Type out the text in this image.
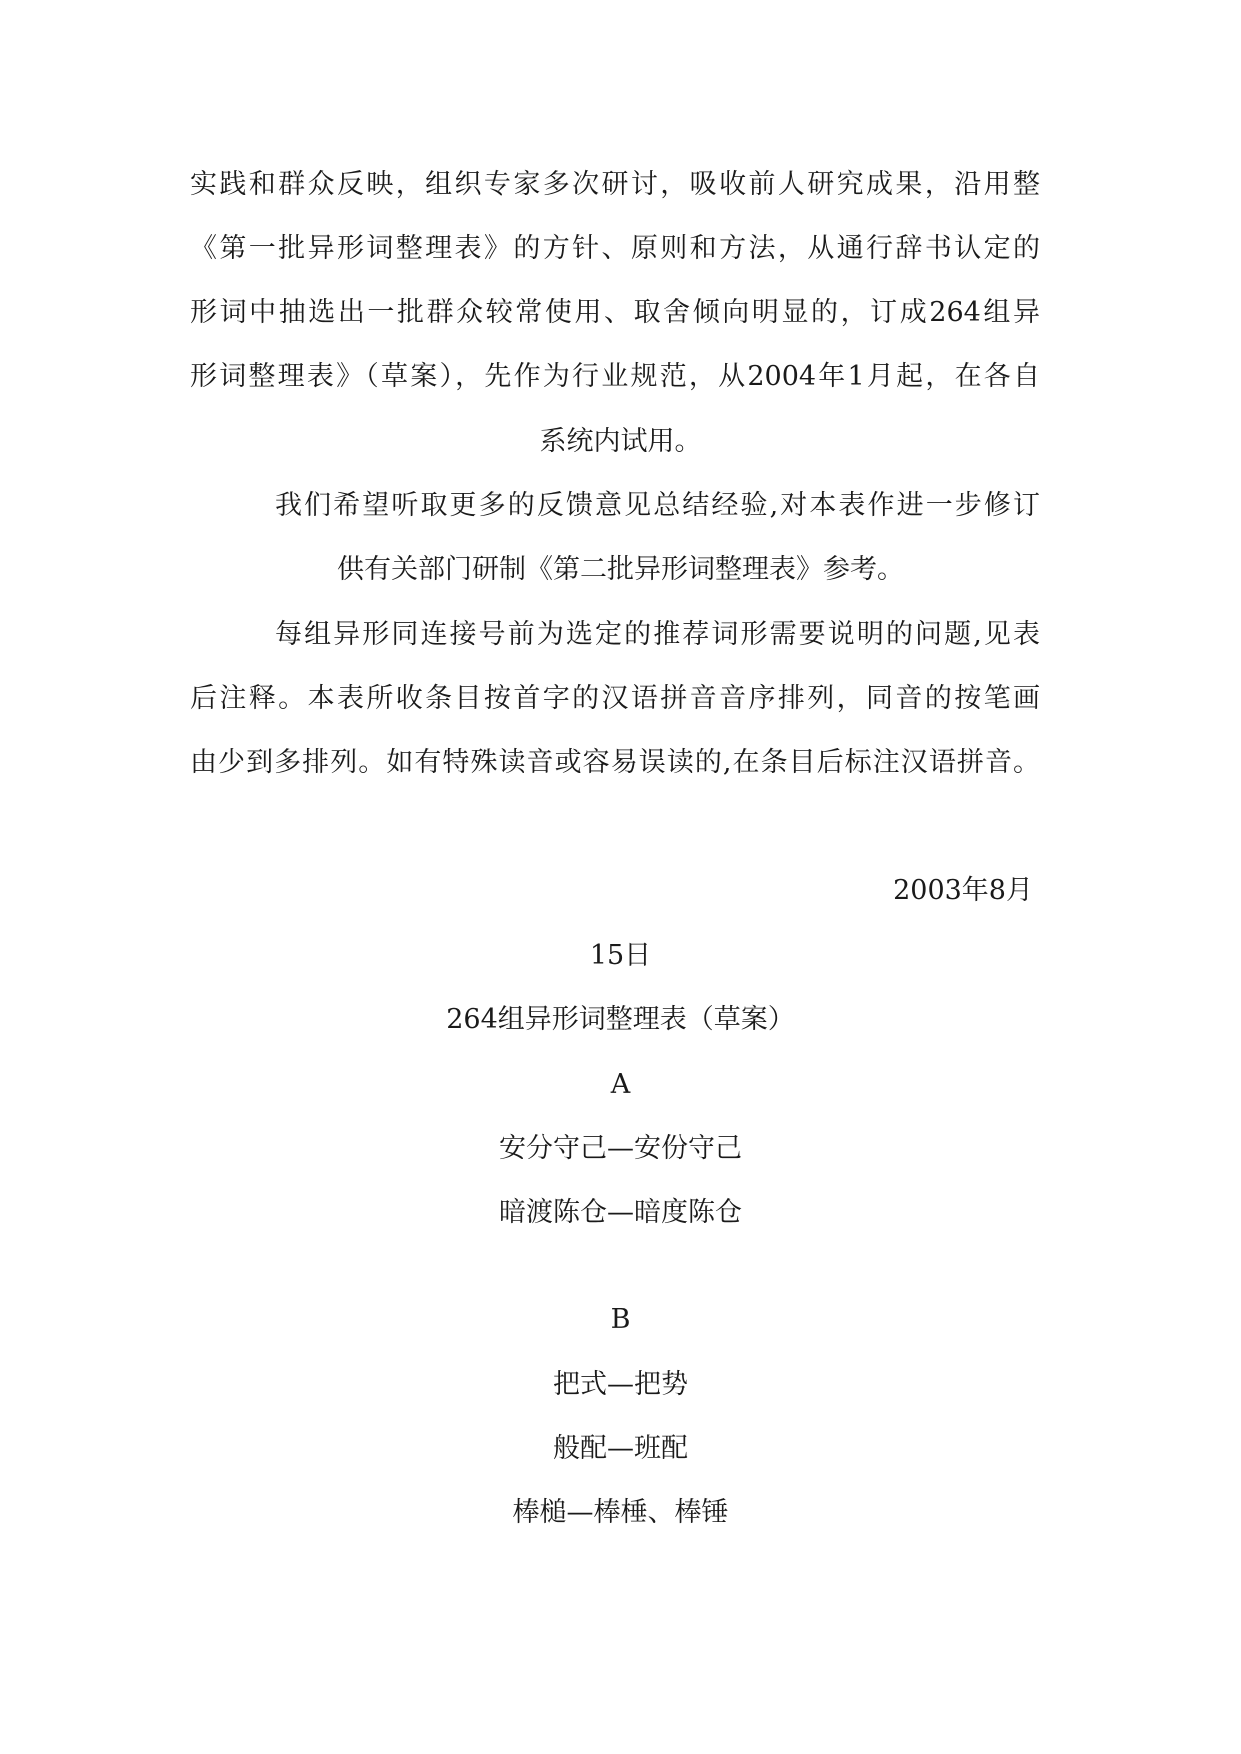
实践和群众反映，组织专家多次研讨，吸收前人研究成果，沿用整

《第一批异形词整理表》的方针、原则和方法，从通行辞书认定的

形词中抽选出一批群众较常使用、取舍倾向明显的，订成264组异

形词整理表》（草案），先作为行业规范，从2004年1月起，在各自

系统内试用。

我们希望听取更多的反馈意见总结经验,对本表作进一步修订

供有关部门研制《第二批异形词整理表》参考。

每组异形同连接号前为选定的推荐词形需要说明的问题,见表

后注释。本表所收条目按首字的汉语拼音音序排列，同音的按笔画

由少到多排列。如有特殊读音或容易误读的,在条目后标注汉语拼音。

2003年8月

15日

264组异形词整理表（草案）

A

安分守己—安份守己

暗渡陈仓—暗度陈仓

B

把式—把势

般配—班配

棒槌—棒棰、棒锤
